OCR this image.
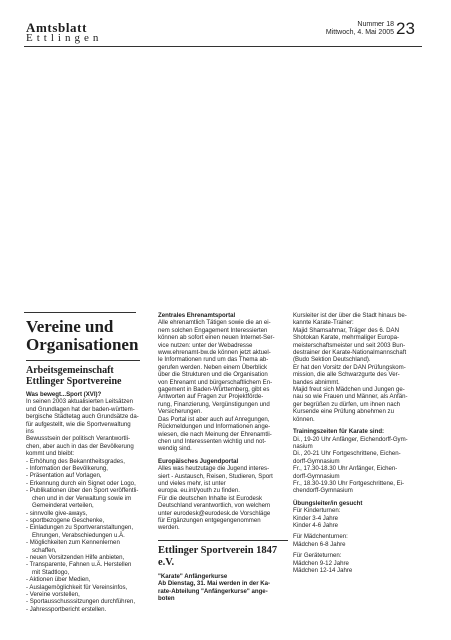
Amtsblatt
Ettlingen
Nummer 18
Mittwoch, 4. Mai 2005 23
Vereine und Organisationen

Arbeitsgemeinschaft Ettlinger Sportvereine

Was bewegt...Sport (XVI)?

In seinen 2003 aktualisierten Leitsätzen

und Grundlagen hat der baden-württem-

bergische Städtetag auch Grundsätze da-

für aufgestellt, wie die Sportverwaltung ins

Bewusstsein der politisch Verantwortli-

chen, aber auch in das der Bevölkerung

kommt und bleibt:

- Erhöhung des Bekanntheitsgrades,

- Information der Bevölkerung,

- Präsentation auf Vorlagen,

- Erkennung durch ein Signet oder Logo,

- Publikationen über den Sport veröffentli-

chen und in der Verwaltung sowie im

Gemeinderat verteilen,

- sinnvolle give-aways,

- sportbezogene Geschenke,

- Einladungen zu Sportveranstaltungen,

Ehrungen, Verabschiedungen u.Ä.

- Möglichkeiten zum Kennenlernen

schaffen,

- neuen Vorsitzenden Hilfe anbieten,

- Transparente, Fahnen u.Ä. Herstellen

mit Stadtlogo,

- Aktionen über Medien,

- Auslagemöglichkeit für Vereinsinfos,

- Vereine vorstellen,

- Sportausschusssitzungen durchführen,

- Jahressportbericht erstellen.

Zentrales Ehrenamtsportal

Alle ehrenamtlich Tätigen sowie die an ei-

nem solchen Engagement Interessierten

können ab sofort einen neuen Internet-Ser-

vice nutzen: unter der Webadresse

www.ehrenamt-bw.de können jetzt aktuel-

le Informationen rund um das Thema ab-

gerufen werden. Neben einem Überblick

über die Strukturen und die Organisation

von Ehrenamt und bürgerschaftlichem En-

gagement in Baden-Württemberg, gibt es

Antworten auf Fragen zur Projektförde-

rung, Finanzierung, Vergünstigungen und

Versicherungen.

Das Portal ist aber auch auf Anregungen,

Rückmeldungen und Informationen ange-

wiesen, die nach Meinung der Ehrenamtli-

chen und Interessenten wichtig und not-

wendig sind.

Europäisches Jugendportal

Alles was heutzutage die Jugend interes-

siert - Austausch, Reisen, Studieren, Sport

und vieles mehr, ist unter

europa. eu.int/youth zu finden.

Für die deutschen Inhalte ist Eurodesk

Deutschland verantwortlich, von welchem

unter eurodesk@eurodesk.de Vorschläge

für Ergänzungen entgegengenommen

werden.

Ettlinger Sportverein 1847 e.V.

"Karate" Anfängerkurse

Ab Dienstag, 31. Mai werden in der Ka-

rate-Abteilung "Anfängerkurse" ange-

boten

Kursleiter ist der über die Stadt hinaus be-

kannte Karate-Trainer:

Majid Shamsahmar, Träger des 6. DAN

Shotokan Karate, mehrmaliger Europa-

meisterschaftsmeister und seit 2003 Bun-

destrainer der Karate-Nationalmannschaft

(Budo Sektion Deutschland).

Er hat den Vorsitz der DAN Prüfungskom-

mission, die alle Schwarzgurte des Ver-

bandes abnimmt.

Majid freut sich Mädchen und Jungen ge-

nau so wie Frauen und Männer, als Anfän-

ger begrüßen zu dürfen, um ihnen nach

Kursende eine Prüfung abnehmen zu

können.

Trainingszeiten für Karate sind:

Di., 19-20 Uhr Anfänger, Eichendorff-Gym-

nasium

Di., 20-21 Uhr Fortgeschrittene, Eichen-

dorff-Gymnasium

Fr., 17.30-18.30 Uhr Anfänger, Eichen-

dorff-Gymnasium

Fr., 18.30-19.30 Uhr Fortgeschrittene, Ei-

chendorff-Gymnasium

Übungsleiter/in gesucht

Für Kinderturnen:

Kinder 3-4 Jahre

Kinder 4-6 Jahre

Für Mädchenturnen:

Mädchen 6-8 Jahre

Für Geräteturnen:

Mädchen 9-12 Jahre

Mädchen 12-14 Jahre
